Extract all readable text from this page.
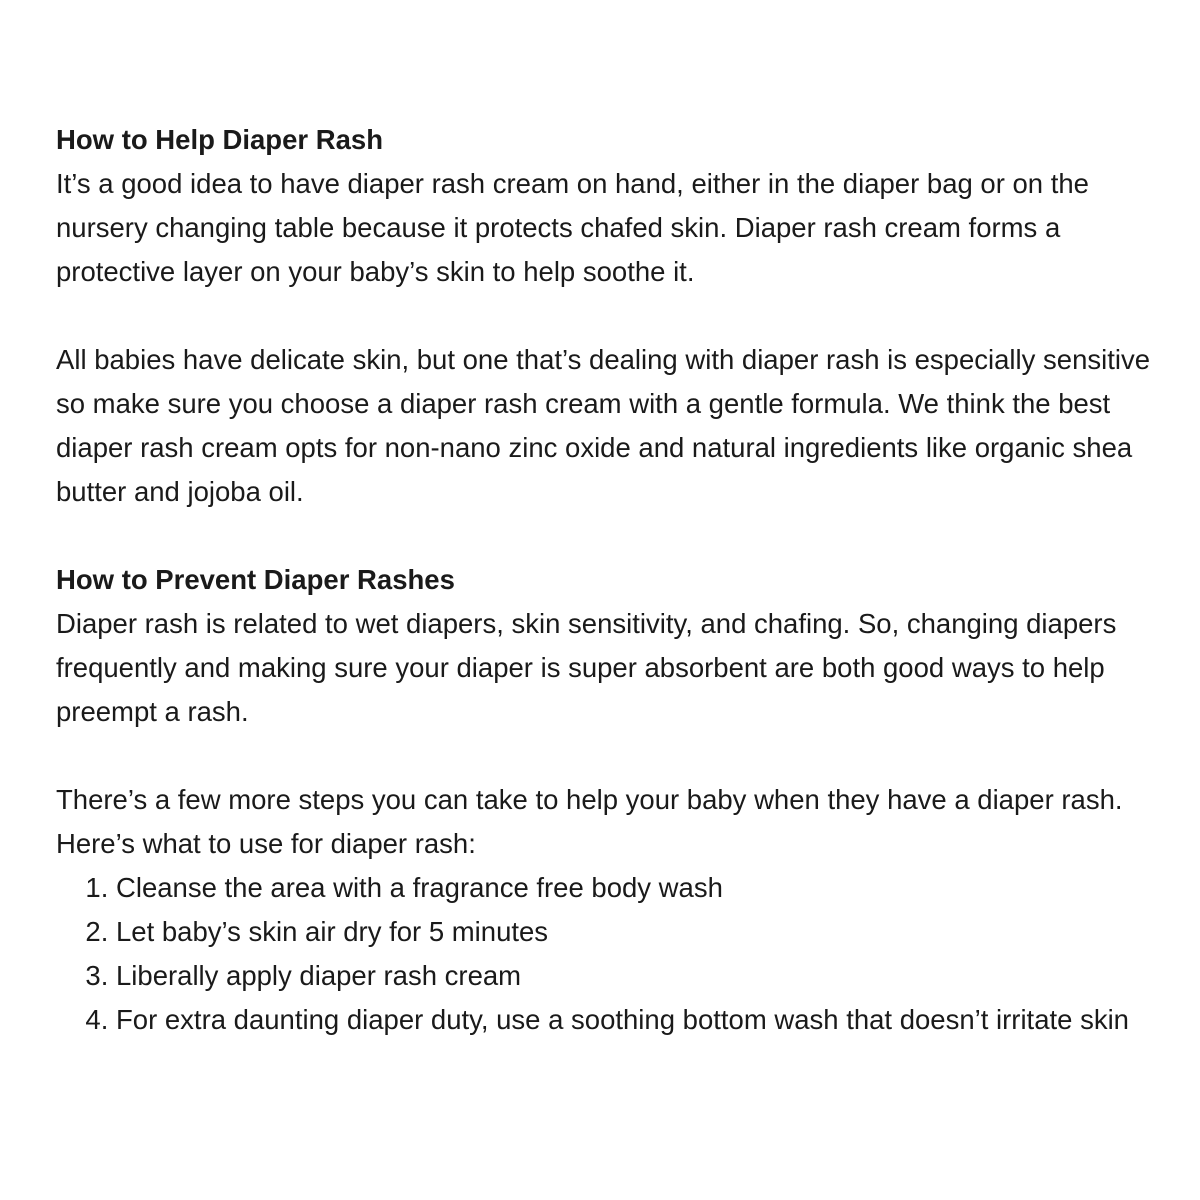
How to Help Diaper Rash

It’s a good idea to have diaper rash cream on hand, either in the diaper bag or on the nursery changing table because it protects chafed skin. Diaper rash cream forms a protective layer on your baby’s skin to help soothe it.

All babies have delicate skin, but one that’s dealing with diaper rash is especially sensitive so make sure you choose a diaper rash cream with a gentle formula. We think the best diaper rash cream opts for non-nano zinc oxide and natural ingredients like organic shea butter and jojoba oil.

How to Prevent Diaper Rashes

Diaper rash is related to wet diapers, skin sensitivity, and chafing. So, changing diapers frequently and making sure your diaper is super absorbent are both good ways to help preempt a rash.

There’s a few more steps you can take to help your baby when they have a diaper rash. Here’s what to use for diaper rash:

1. Cleanse the area with a fragrance free body wash
2. Let baby’s skin air dry for 5 minutes
3. Liberally apply diaper rash cream
4. For extra daunting diaper duty, use a soothing bottom wash that doesn’t irritate skin
